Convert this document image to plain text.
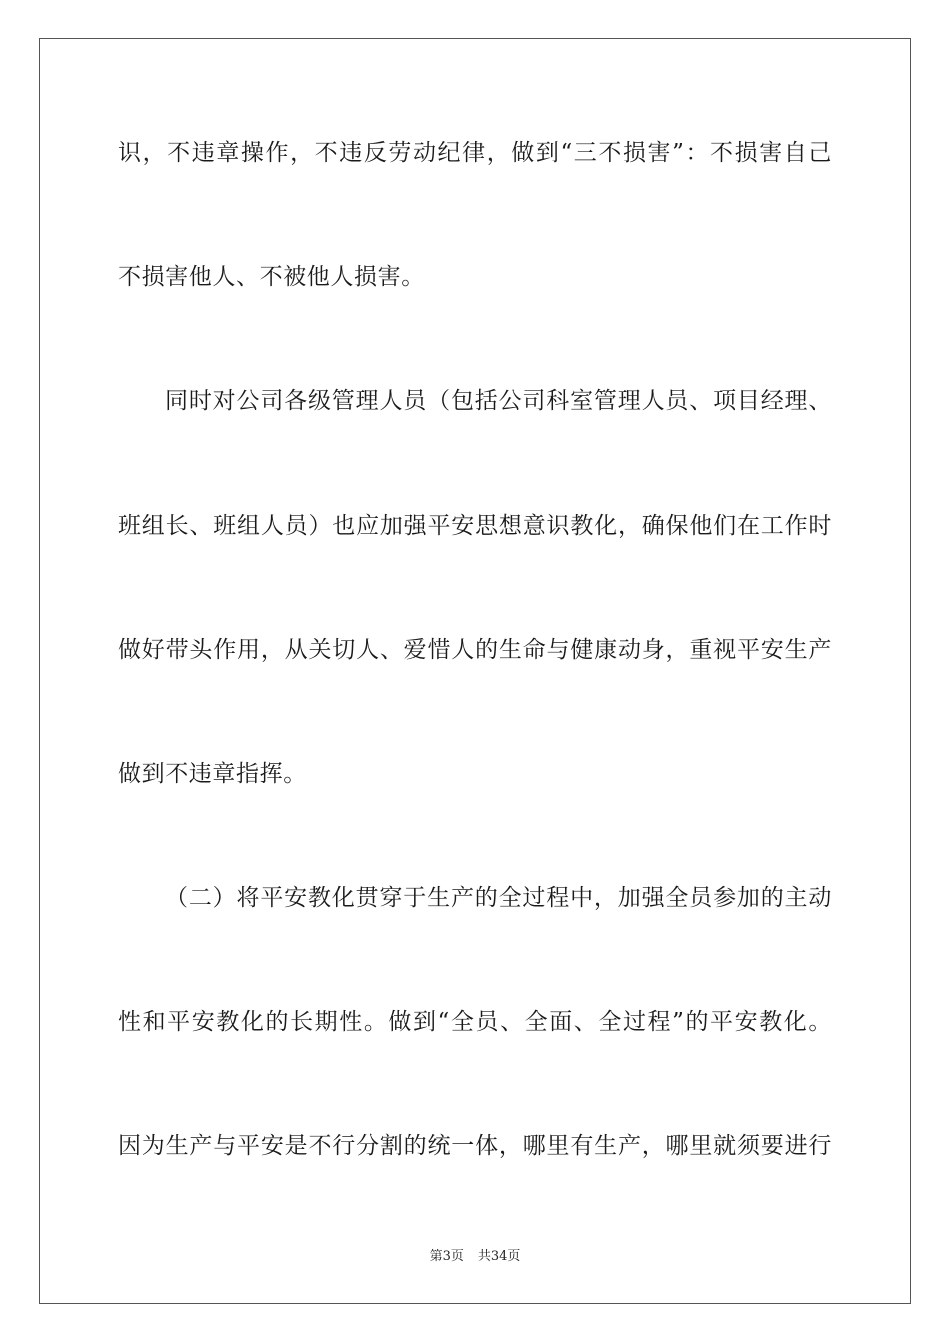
识，不违章操作，不违反劳动纪律，做到“三不损害”：不损害自己
不损害他人、不被他人损害。
同时对公司各级管理人员（包括公司科室管理人员、项目经理、
班组长、班组人员）也应加强平安思想意识教化，确保他们在工作时
做好带头作用，从关切人、爱惜人的生命与健康动身，重视平安生产
做到不违章指挥。
（二）将平安教化贯穿于生产的全过程中，加强全员参加的主动
性和平安教化的长期性。做到“全员、全面、全过程”的平安教化。
因为生产与平安是不行分割的统一体，哪里有生产，哪里就须要进行
第3页 共34页
